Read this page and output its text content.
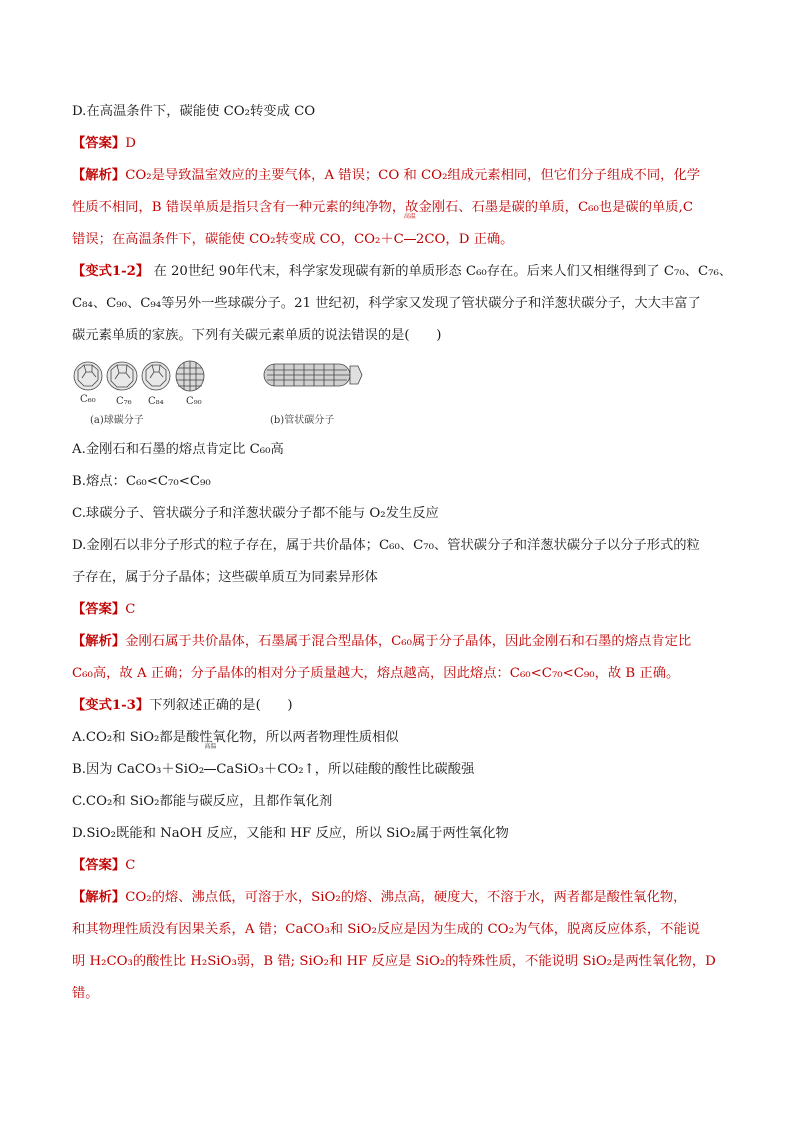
D.在高温条件下，碳能使 CO₂转变成 CO

【答案】D

【解析】CO₂是导致温室效应的主要气体，A 错误；CO 和 CO₂组成元素相同，但它们分子组成不同，化学

性质不相同，B 错误单质是指只含有一种元素的纯净物，故金刚石、石墨是碳的单质，C₆₀也是碳的单质,C

错误；在高温条件下，碳能使 CO₂转变成 CO，CO₂＋C
高温
2CO，D 正确。

【变式1-2】 在 20世纪 90年代末，科学家发现碳有新的单质形态 C₆₀存在。后来人们又相继得到了 C₇₀、C₇₆、

C₈₄、C₉₀、C₉₄等另外一些球碳分子。21 世纪初，科学家又发现了管状碳分子和洋葱状碳分子，大大丰富了

碳元素单质的家族。下列有关碳元素单质的说法错误的是(　　)

C₆₀ C₇₆ C₈₄ C₉₀
(a)球碳分子	(b)管状碳分子

A.金刚石和石墨的熔点肯定比 C₆₀高

B.熔点：C₆₀<C₇₀<C₉₀

C.球碳分子、管状碳分子和洋葱状碳分子都不能与 O₂发生反应

D.金刚石以非分子形式的粒子存在，属于共价晶体；C₆₀、C₇₀、管状碳分子和洋葱状碳分子以分子形式的粒

子存在，属于分子晶体；这些碳单质互为同素异形体

【答案】C

【解析】金刚石属于共价晶体，石墨属于混合型晶体，C₆₀属于分子晶体，因此金刚石和石墨的熔点肯定比

C₆₀高，故 A 正确；分子晶体的相对分子质量越大，熔点越高，因此熔点：C₆₀<C₇₀<C₉₀，故 B 正确。

【变式1-3】下列叙述正确的是(　　)

A.CO₂和 SiO₂都是酸性氧化物，所以两者物理性质相似

B.因为 CaCO₃＋SiO₂
高温
CaSiO₃＋CO₂↑，所以硅酸的酸性比碳酸强

C.CO₂和 SiO₂都能与碳反应，且都作氧化剂

D.SiO₂既能和 NaOH 反应，又能和 HF 反应，所以 SiO₂属于两性氧化物

【答案】C

【解析】CO₂的熔、沸点低，可溶于水，SiO₂的熔、沸点高，硬度大，不溶于水，两者都是酸性氧化物，

和其物理性质没有因果关系，A 错；CaCO₃和 SiO₂反应是因为生成的 CO₂为气体，脱离反应体系，不能说

明 H₂CO₃的酸性比 H₂SiO₃弱，B 错; SiO₂和 HF 反应是 SiO₂的特殊性质，不能说明 SiO₂是两性氧化物，D

错。
